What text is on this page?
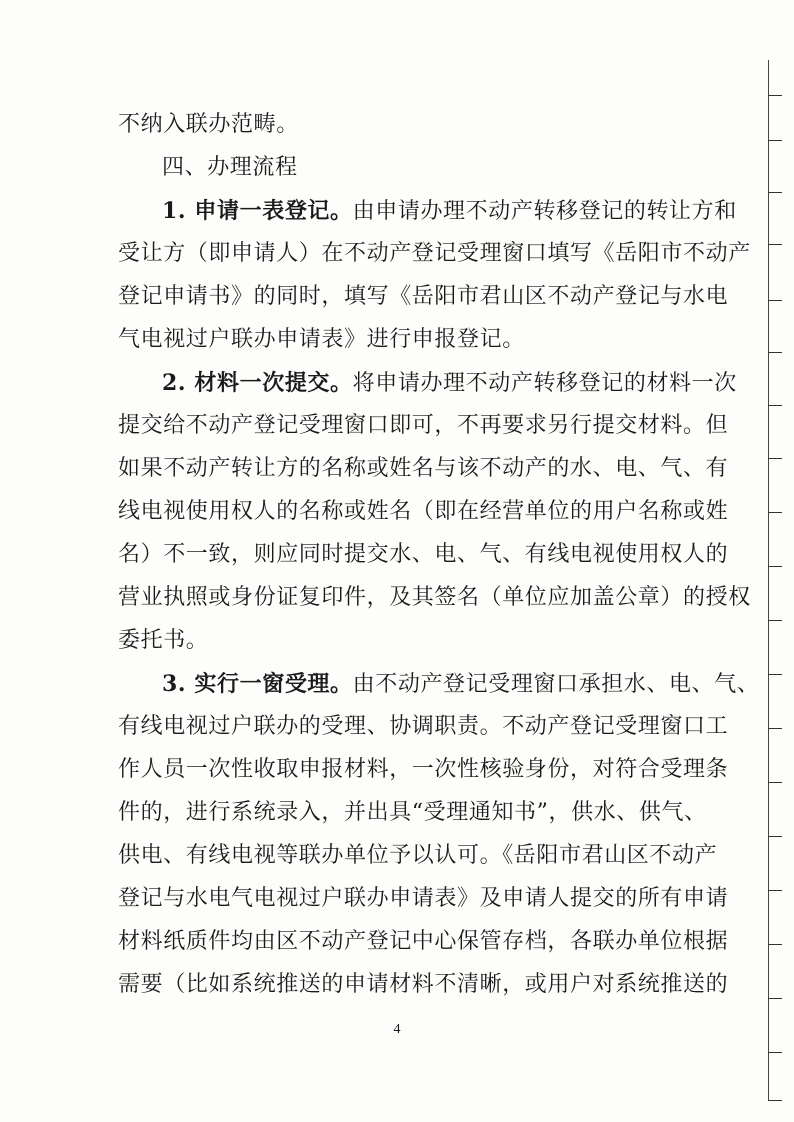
不纳入联办范畴。
四、办理流程
1. 申请一表登记。由申请办理不动产转移登记的转让方和
受让方（即申请人）在不动产登记受理窗口填写《岳阳市不动产
登记申请书》的同时，填写《岳阳市君山区不动产登记与水电
气电视过户联办申请表》进行申报登记。
2. 材料一次提交。将申请办理不动产转移登记的材料一次
提交给不动产登记受理窗口即可，不再要求另行提交材料。但
如果不动产转让方的名称或姓名与该不动产的水、电、气、有
线电视使用权人的名称或姓名（即在经营单位的用户名称或姓
名）不一致，则应同时提交水、电、气、有线电视使用权人的
营业执照或身份证复印件，及其签名（单位应加盖公章）的授权
委托书。
3. 实行一窗受理。由不动产登记受理窗口承担水、电、气、
有线电视过户联办的受理、协调职责。不动产登记受理窗口工
作人员一次性收取申报材料，一次性核验身份，对符合受理条
件的，进行系统录入，并出具“受理通知书”，供水、供气、
供电、有线电视等联办单位予以认可。《岳阳市君山区不动产
登记与水电气电视过户联办申请表》及申请人提交的所有申请
材料纸质件均由区不动产登记中心保管存档，各联办单位根据
需要（比如系统推送的申请材料不清晰，或用户对系统推送的
4
